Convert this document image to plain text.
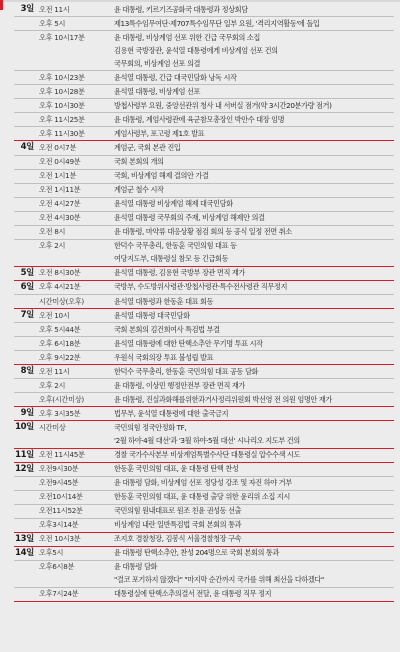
3일 오전 11시	윤 대통령, 키르기즈공화국 대통령과 정상회담
오후 5시	제13특수임무여단·제707특수임무단 일부 요원, '격리지역활동'에 돌입
오후 10시17분	윤 대통령, 비상계엄 선포 위한 긴급 국무회의 소집
김용현 국방장관, 윤석열 대통령에게 비상계엄 선포 건의
국무회의, 비상계엄 선포 의결
오후 10시23분	윤석열 대통령, 긴급 대국민담화 낭독 시작
오후 10시28분	윤석열 대통령, 비상계엄 선포
오후 10시30분	방첩사령부 요원, 중앙선관위 청사 내 서버실 점거(약 3시간20분가량 점거)
오후 11시25분	윤 대통령, 계엄사령관에 육군참모총장인 박안수 대장 임명
오후 11시30분	계엄사령부, 포고령 제1호 발표
4일 오전 0시7분	계엄군, 국회 본관 진입
오전 0시49분	국회 본회의 개의
오전 1시1분	국회, 비상계엄 해제 결의안 가결
오전 1시11분	계엄군 철수 시작
오전 4시27분	윤석열 대통령 비상계엄 해제 대국민담화
오전 4시30분	윤석열 대통령 국무회의 주재, 비상계엄 해제안 의결
오전 8시	윤 대통령, 마약류 대응상황 점검 회의 등 공식 일정 전면 취소
오후 2시	한덕수 국무총리, 한동훈 국민의힘 대표 등
여당지도부, 대통령실 참모 등 긴급회동
5일 오전 8시30분	윤석열 대통령, 김용현 국방부 장관 면직 재가
6일 오후 4시21분	국방부, 수도방위사령관·방첩사령관·특수전사령관 직무정지
시간미상(오후)	윤석열 대통령과 한동훈 대표 회동
7일 오전 10시	윤석열 대통령 대국민담화
오후 5시44분	국회 본회의 김건희여사 특검법 부결
오후 6시18분	윤석열 대통령에 대한 탄핵소추안 무기명 투표 시작
오후 9시22분	우원식 국회의장 투표 불성립 발표
8일 오전 11시	한덕수 국무총리, 한동훈 국민의힘 대표 공동 담화
오후 2시	윤 대통령, 이상민 행정안전부 장관 면직 재가
오후(시간미상)	윤 대통령, 진실과화해를위한과거사정리위원회 박선영 전 의원 임명안 재가
9일 오후 3시35분	법무부, 윤석열 대통령에 대한 출국금지
10일 시간미상	국민의힘 정국안정화 TF,
'2월 하야·4월 대선'과 '3월 하야·5월 대선' 시나리오 지도부 건의
11일 오전 11시45분	경찰 국가수사본부 비상계엄특별수사단 대통령실 압수수색 시도
12일 오전9시30분	한동훈 국민의힘 대표, 윤 대통령 탄핵 찬성
오전9시45분	윤 대통령 담화, 비상계엄 선포 정당성 강조 및 자진 하야 거부
오전10시14분	한동훈 국민의힘 대표, 윤 대통령 출당 위한 윤리위 소집 지시
오전11시52분	국민의힘 원내대표로 원조 친윤 권성동 선출
오후3시14분	비상계엄 내란 일반특검법 국회 본회의 통과
13일 오전 10시3분	조지호 경찰청장, 김봉식 서울경찰청장 구속
14일 오후5시	윤 대통령 탄핵소추안, 찬성 204명으로 국회 본회의 통과
오후6시8분	윤 대통령 담화
"결코 포기하지 않겠다" "마지막 순간까지 국가를 위해 최선을 다하겠다"
오후7시24분	대통령실에 탄핵소추의결서 전달, 윤 대통령 직무 정지
